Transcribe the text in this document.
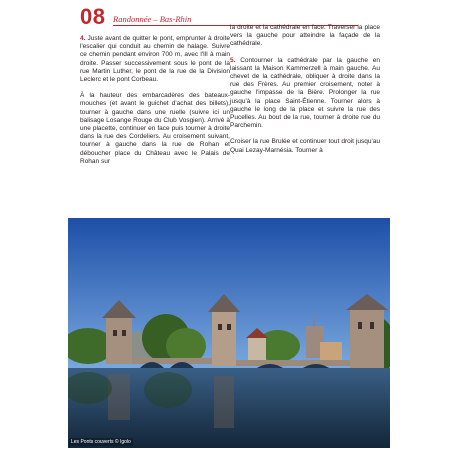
08 Randonnée – Bas-Rhin

4. Juste avant de quitter le pont, emprunter à droite l'escalier qui conduit au chemin de halage. Suivre ce chemin pendant environ 700 m, avec l'Ill à main droite. Passer successivement sous le pont de la rue Martin Luther, le pont de la rue de la Division Leclerc et le pont Corbeau.

À la hauteur des embarcadères des bateaux-mouches (et avant le guichet d'achat des billets), tourner à gauche dans une ruelle (suivre ici un balisage Losange Rouge du Club Vosgien). Arrivé à une placette, continuer en face puis tourner à droite dans la rue des Cordeliers. Au croisement suivant, tourner à gauche dans la rue de Rohan et déboucher place du Château avec le Palais de Rohan sur

la droite et la cathédrale en face. Traverser la place vers la gauche pour atteindre la façade de la cathédrale.

5. Contourner la cathédrale par la gauche en laissant la Maison Kammerzell à main gauche. Au chevet de la cathédrale, obliquer à droite dans la rue des Frères. Au premier croisement, noter à gauche l'impasse de la Bière. Prolonger la rue jusqu'à la place Saint-Étienne. Tourner alors à gauche le long de la place et suivre la rue des Pucelles. Au bout de la rue, tourner à droite rue du Parchemin.

Croiser la rue Brulée et continuer tout droit jusqu'au Quai Lezay-Marnésia. Tourner à

Les Ponts couverts © Igolo
